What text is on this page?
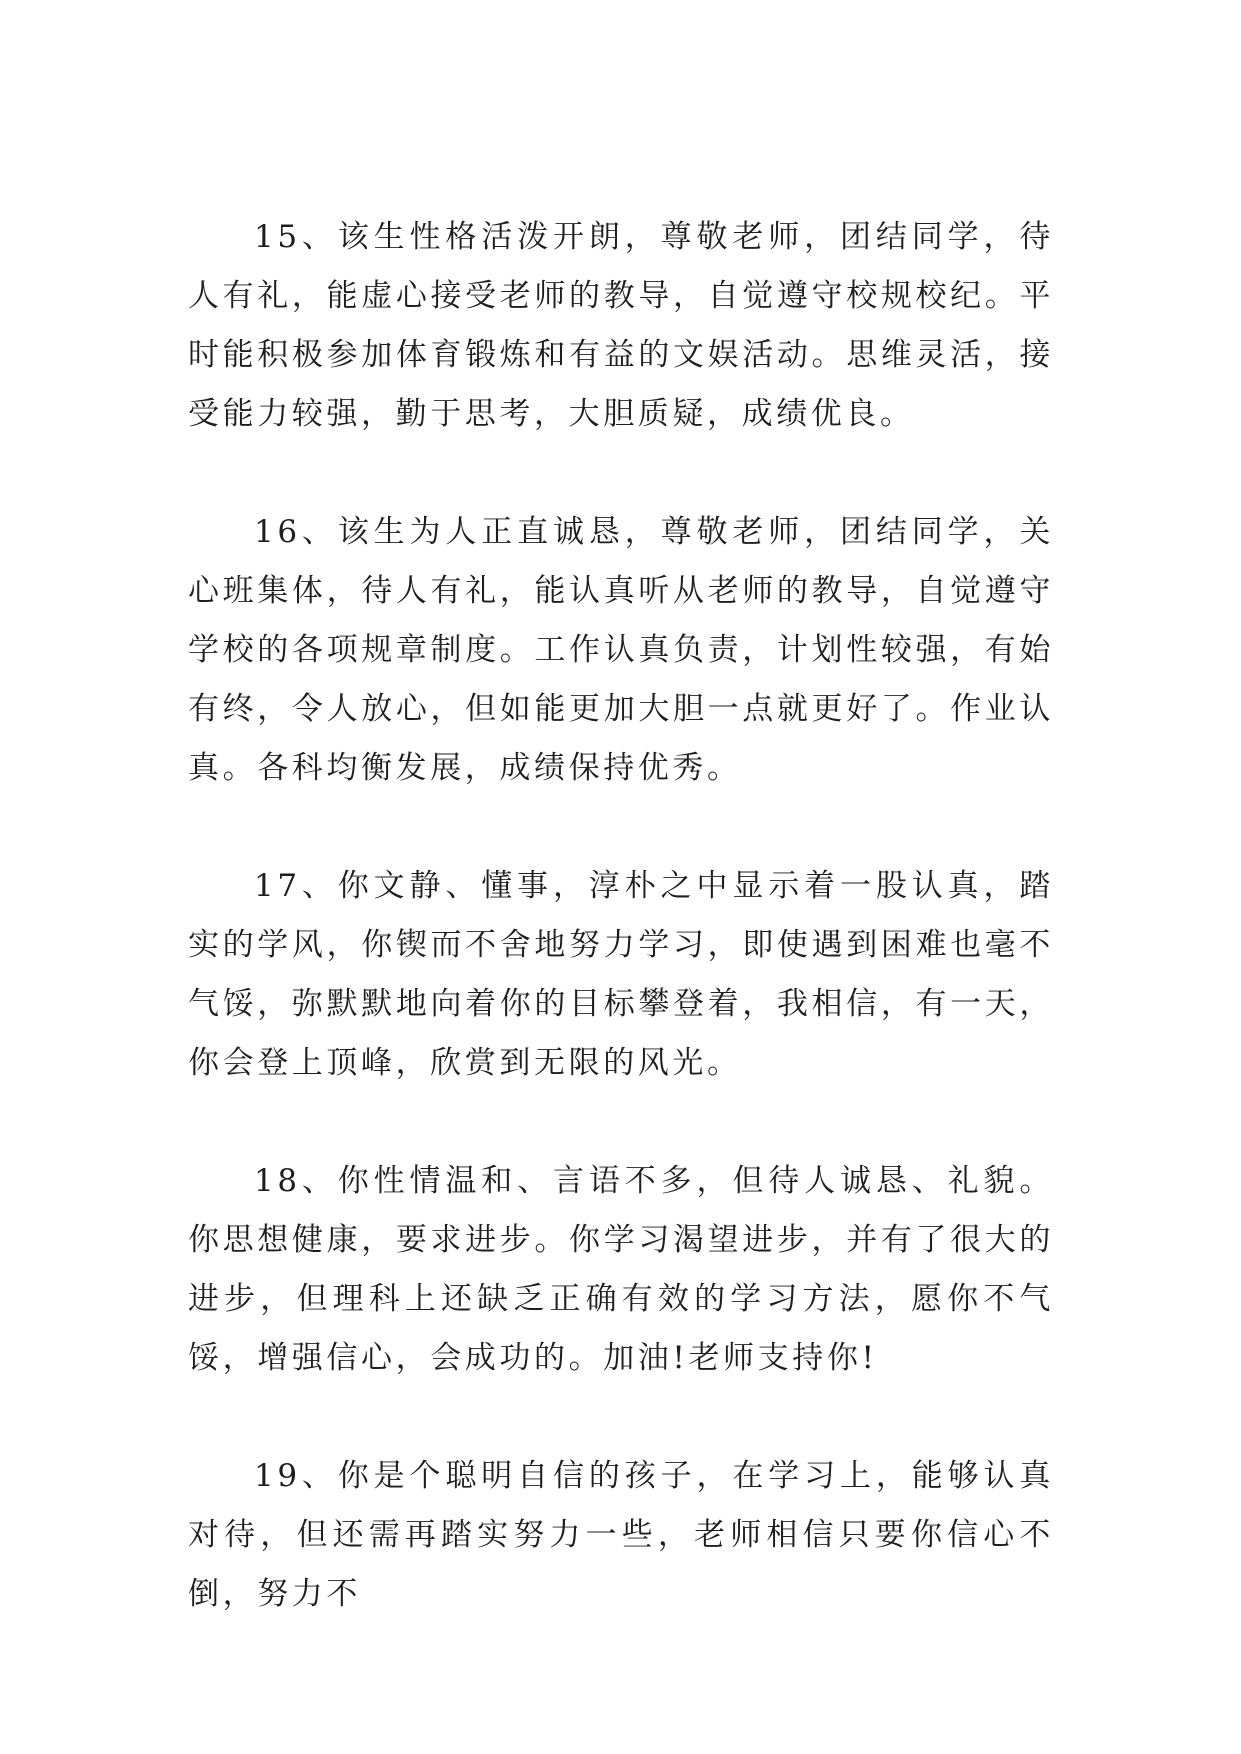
15、该生性格活泼开朗，尊敬老师，团结同学，待人有礼，能虚心接受老师的教导，自觉遵守校规校纪。平时能积极参加体育锻炼和有益的文娱活动。思维灵活，接受能力较强，勤于思考，大胆质疑，成绩优良。

16、该生为人正直诚恳，尊敬老师，团结同学，关心班集体，待人有礼，能认真听从老师的教导，自觉遵守学校的各项规章制度。工作认真负责，计划性较强，有始有终，令人放心，但如能更加大胆一点就更好了。作业认真。各科均衡发展，成绩保持优秀。

17、你文静、懂事，淳朴之中显示着一股认真，踏实的学风，你锲而不舍地努力学习，即使遇到困难也毫不气馁，弥默默地向着你的目标攀登着，我相信，有一天，你会登上顶峰，欣赏到无限的风光。

18、你性情温和、言语不多，但待人诚恳、礼貌。你思想健康，要求进步。你学习渴望进步，并有了很大的进步，但理科上还缺乏正确有效的学习方法，愿你不气馁，增强信心，会成功的。加油!老师支持你!

19、你是个聪明自信的孩子，在学习上，能够认真对待，但还需再踏实努力一些，老师相信只要你信心不倒，努力不
